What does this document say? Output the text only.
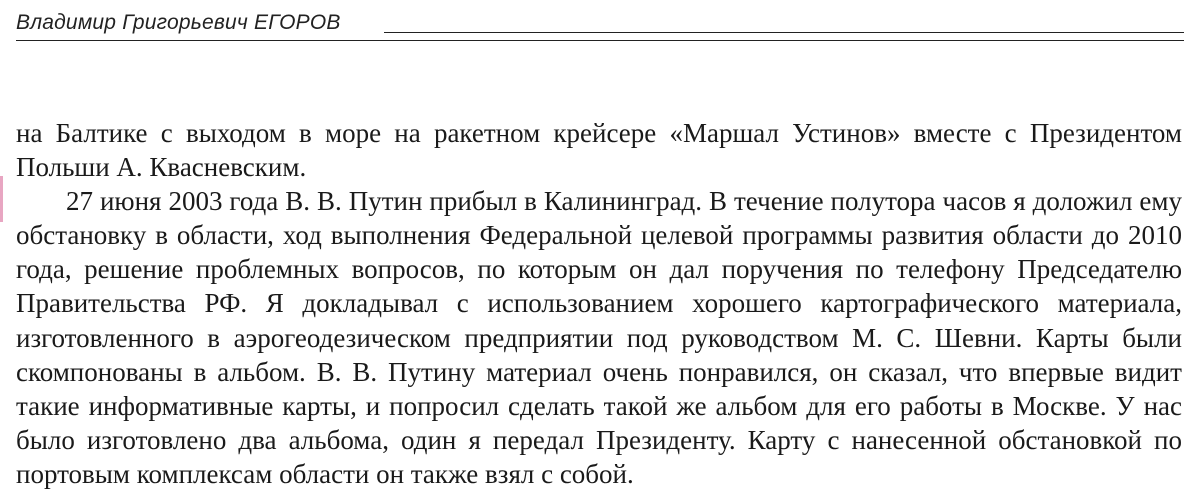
Владимир Григорьевич ЕГОРОВ

на Балтике с выходом в море на ракетном крейсере «Маршал Устинов» вместе с Президентом Польши А. Квасневским.

27 июня 2003 года В. В. Путин прибыл в Калининград. В течение полутора часов я доложил ему обстановку в области, ход выполнения Федеральной целевой программы развития области до 2010 года, решение проблемных вопросов, по которым он дал поручения по телефону Председателю Правительства РФ. Я докладывал с использованием хорошего картографического материала, изготовленного в аэрогеодезическом предприятии под руководством М. С. Шевни. Карты были скомпонованы в альбом. В. В. Путину материал очень понравился, он сказал, что впервые видит такие информативные карты, и попросил сделать такой же альбом для его работы в Москве. У нас было изготовлено два альбома, один я передал Президенту. Карту с нанесенной обстановкой по портовым комплексам области он также взял с собой.
